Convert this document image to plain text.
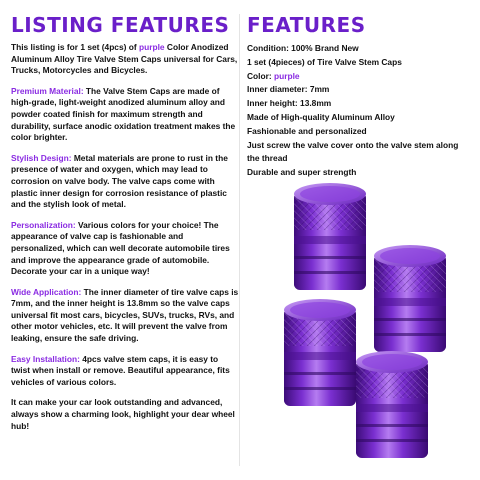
LISTING FEATURES

This listing is for 1 set (4pcs) of purple Color Anodized Aluminum Alloy Tire Valve Stem Caps universal for Cars, Trucks, Motorcycles and Bicycles.

Premium Material: The Valve Stem Caps are made of high-grade, light-weight anodized aluminum alloy and powder coated finish for maximum strength and durability, surface anodic oxidation treatment makes the color brighter.

Stylish Design: Metal materials are prone to rust in the presence of water and oxygen, which may lead to corrosion on valve body. The valve caps come with plastic inner design for corrosion resistance of plastic and the stylish look of metal.

Personalization: Various colors for your choice! The appearance of valve cap is fashionable and personalized, which can well decorate automobile tires and improve the appearance grade of automobile. Decorate your car in a unique way!

Wide Application: The inner diameter of tire valve caps is 7mm, and the inner height is 13.8mm so the valve caps universal fit most cars, bicycles, SUVs, trucks, RVs, and other motor vehicles, etc. It will prevent the valve from leaking, ensure the safe driving.

Easy Installation: 4pcs valve stem caps, it is easy to twist when install or remove. Beautiful appearance, fits vehicles of various colors.

It can make your car look outstanding and advanced, always show a charming look, highlight your dear wheel hub!

FEATURES
Condition: 100% Brand New
1 set (4pieces) of Tire Valve Stem Caps
Color: purple
Inner diameter: 7mm
Inner height: 13.8mm
Made of High-quality Aluminum Alloy
Fashionable and personalized
Just screw the valve cover onto the valve stem along the thread
Durable and super strength
